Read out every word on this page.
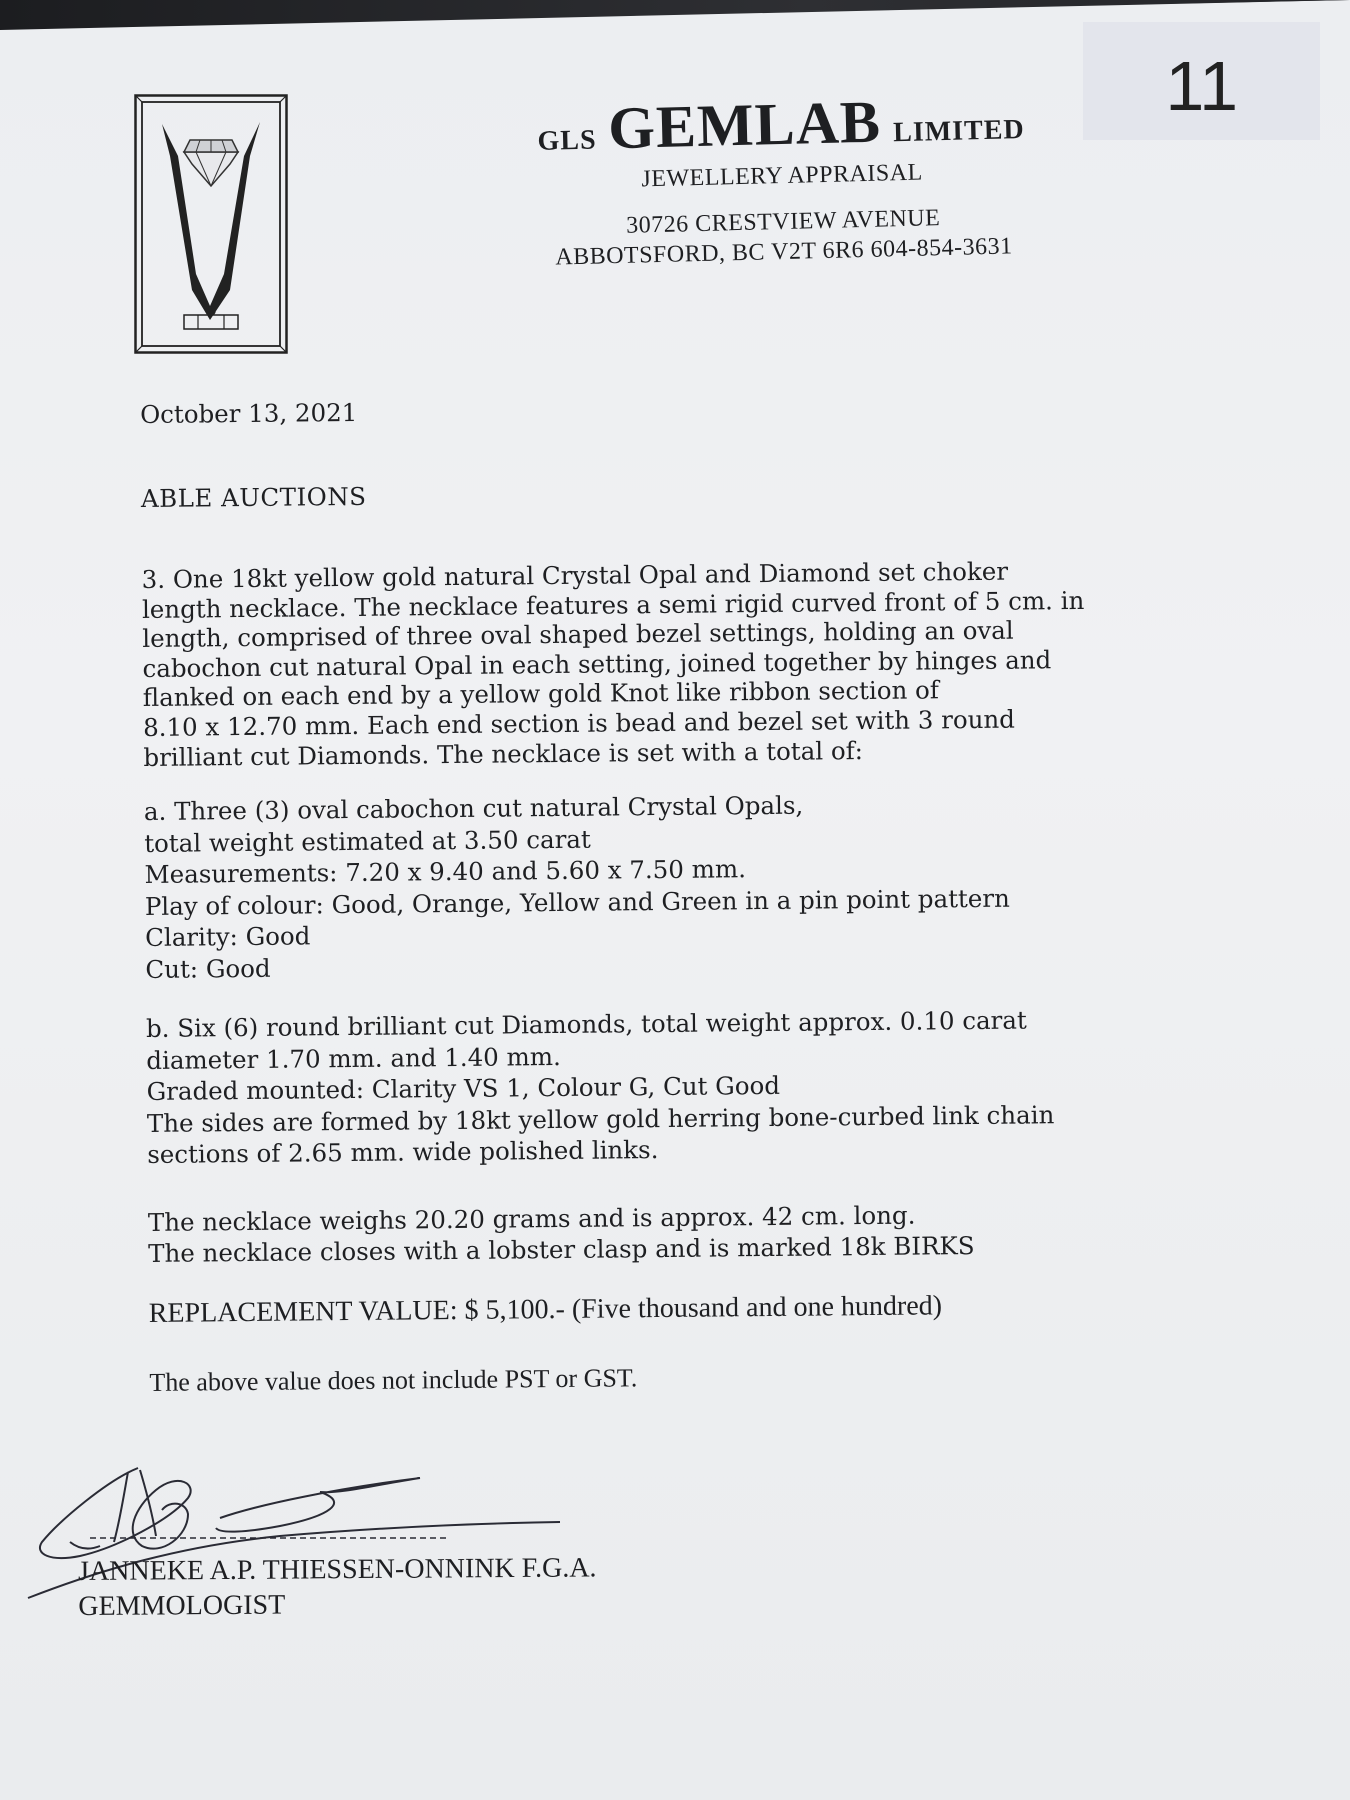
11
GLS GEMLAB LIMITED
JEWELLERY APPRAISAL
30726 CRESTVIEW AVENUE
ABBOTSFORD, BC V2T 6R6 604-854-3631
October 13, 2021
ABLE AUCTIONS
3. One 18kt yellow gold natural Crystal Opal and Diamond set choker
length necklace. The necklace features a semi rigid curved front of 5 cm. in
length, comprised of three oval shaped bezel settings, holding an oval
cabochon cut natural Opal in each setting, joined together by hinges and
flanked on each end by a yellow gold Knot like ribbon section of
8.10 x 12.70 mm. Each end section is bead and bezel set with 3 round
brilliant cut Diamonds. The necklace is set with a total of:
a. Three (3) oval cabochon cut natural Crystal Opals,
total weight estimated at 3.50 carat
Measurements: 7.20 x 9.40 and 5.60 x 7.50 mm.
Play of colour: Good, Orange, Yellow and Green in a pin point pattern
Clarity: Good
Cut: Good
b. Six (6) round brilliant cut Diamonds, total weight approx. 0.10 carat
diameter 1.70 mm. and 1.40 mm.
Graded mounted: Clarity VS 1, Colour G, Cut Good
The sides are formed by 18kt yellow gold herring bone-curbed link chain
sections of 2.65 mm. wide polished links.
The necklace weighs 20.20 grams and is approx. 42 cm. long.
The necklace closes with a lobster clasp and is marked 18k BIRKS
REPLACEMENT VALUE: $ 5,100.- (Five thousand and one hundred)
The above value does not include PST or GST.
JANNEKE A.P. THIESSEN-ONNINK F.G.A.
GEMMOLOGIST
